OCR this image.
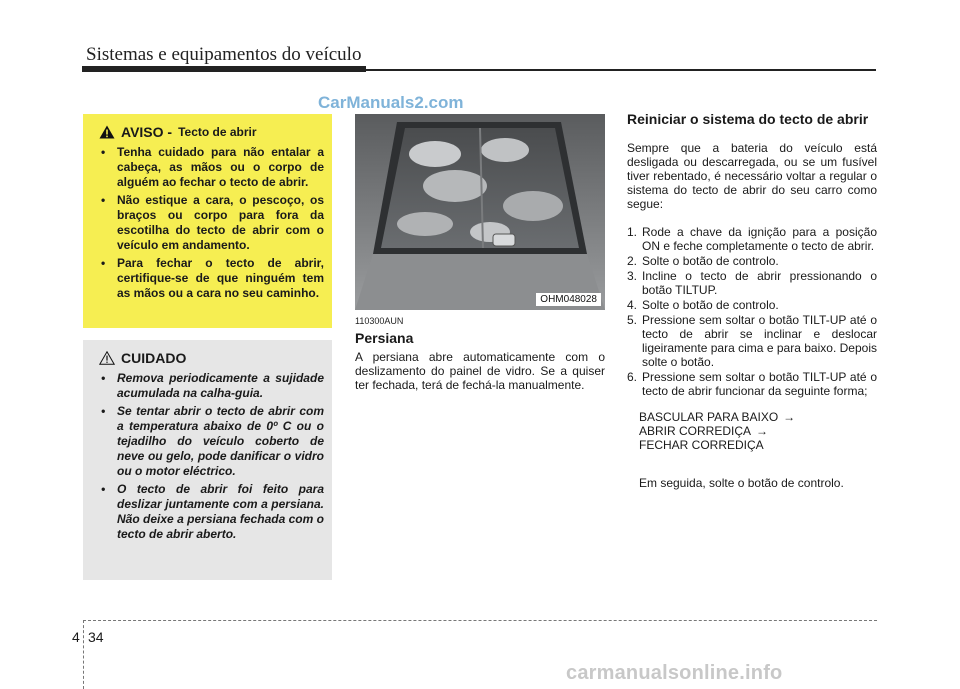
Sistemas e equipamentos do veículo
CarManuals2.com
AVISO - Tecto de abrir
• Tenha cuidado para não entalar a cabeça, as mãos ou o corpo de alguém ao fechar o tecto de abrir.
• Não estique a cara, o pescoço, os braços ou corpo para fora da escotilha do tecto de abrir com o veículo em andamento.
• Para fechar o tecto de abrir, certifique-se de que ninguém tem as mãos ou a cara no seu caminho.
CUIDADO
• Remova periodicamente a sujidade acumulada na calha-guia.
• Se tentar abrir o tecto de abrir com a temperatura abaixo de 0º C ou o tejadilho do veículo coberto de neve ou gelo, pode danificar o vidro ou o motor eléctrico.
• O tecto de abrir foi feito para deslizar juntamente com a persiana. Não deixe a persiana fechada com o tecto de abrir aberto.
OHM048028
110300AUN
Persiana
A persiana abre automaticamente com o deslizamento do painel de vidro. Se a quiser ter fechada, terá de fechá-la manualmente.
Reiniciar o sistema do tecto de abrir
Sempre que a bateria do veículo está desligada ou descarregada, ou se um fusível tiver rebentado, é necessário voltar a regular o sistema do tecto de abrir do seu carro como segue:
1. Rode a chave da ignição para a posição ON e feche completamente o tecto de abrir.
2. Solte o botão de controlo.
3. Incline o tecto de abrir pressionando o botão TILTUP.
4. Solte o botão de controlo.
5. Pressione sem soltar o botão TILT-UP até o tecto de abrir se inclinar e deslocar ligeiramente para cima e para baixo. Depois solte o botão.
6. Pressione sem soltar o botão TILT-UP até o tecto de abrir funcionar da seguinte forma;
BASCULAR PARA BAIXO →
ABRIR CORREDIÇA →
FECHAR CORREDIÇA
Em seguida, solte o botão de controlo.
4 34
carmanualsonline.info
